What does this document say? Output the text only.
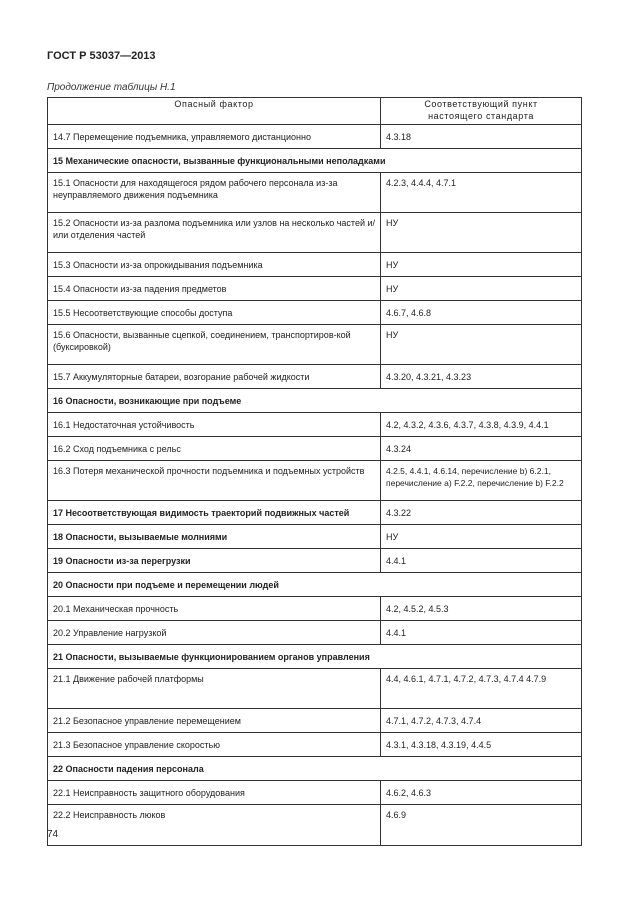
ГОСТ Р 53037—2013
Продолжение таблицы Н.1
Опасный фактор	Соответствующий пункт
настоящего стандарта
14.7 Перемещение подъемника, управляемого дистанционно	4.3.18
15 Механические опасности, вызванные функциональными неполадками	
15.1 Опасности для находящегося рядом рабочего персонала из-за неуправляемого движения подъемника	4.2.3, 4.4.4, 4.7.1
15.2 Опасности из-за разлома подъемника или узлов на несколько частей и/или отделения частей	НУ
15.3 Опасности из-за опрокидывания подъемника	НУ
15.4 Опасности из-за падения предметов	НУ
15.5 Несоответствующие способы доступа	4.6.7, 4.6.8
15.6 Опасности, вызванные сцепкой, соединением, транспортиров-кой (буксировкой)	НУ
15.7 Аккумуляторные батареи, возгорание рабочей жидкости	4.3.20, 4.3.21, 4.3.23
16 Опасности, возникающие при подъеме	
16.1 Недостаточная устойчивость	4.2, 4.3.2, 4.3.6, 4.3.7, 4.3.8, 4.3.9, 4.4.1
16.2 Сход подъемника с рельс	4.3.24
16.3 Потеря механической прочности подъемника и подъемных устройств	4.2.5, 4.4.1, 4.6.14, перечисление b) 6.2.1, перечисление a) F.2.2, перечисление b) F.2.2
17 Несоответствующая видимость траекторий подвижных частей	4.3.22
18 Опасности, вызываемые молниями	НУ
19 Опасности из-за перегрузки	4.4.1
20 Опасности при подъеме и перемещении людей	
20.1 Механическая прочность	4.2, 4.5.2, 4.5.3
20.2 Управление нагрузкой	4.4.1
21 Опасности, вызываемые функционированием органов управления	
21.1 Движение рабочей платформы	4.4, 4.6.1, 4.7.1, 4.7.2, 4.7.3, 4.7.4 4.7.9
21.2 Безопасное управление перемещением	4.7.1, 4.7.2, 4.7.3, 4.7.4
21.3 Безопасное управление скоростью	4.3.1, 4.3.18, 4.3.19, 4.4.5
22 Опасности падения персонала	
22.1 Неисправность защитного оборудования	4.6.2, 4.6.3
22.2 Неисправность люков	4.6.9
74
